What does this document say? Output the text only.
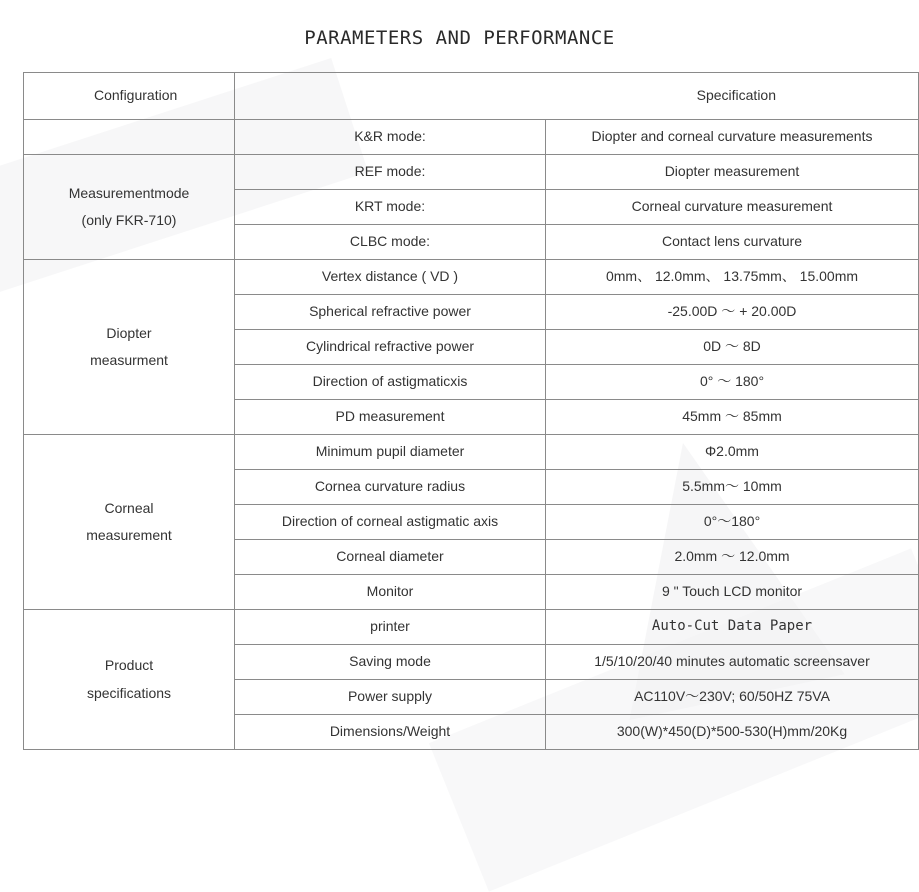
PARAMETERS AND PERFORMANCE
Configuration	Specification	
	K&R mode:	Diopter and corneal curvature measurements
Measurementmode
(only FKR-710)	REF mode:	Diopter measurement
	KRT mode:	Corneal curvature measurement
	CLBC mode:	Contact lens curvature
Diopter
measurment	Vertex distance ( VD )	0mm、 12.0mm、 13.75mm、 15.00mm
	Spherical refractive power	-25.00D ～ + 20.00D
	Cylindrical refractive power	0D ～ 8D
	Direction of astigmaticxis	0° ～ 180°
	PD measurement	45mm ～ 85mm
Corneal
measurement	Minimum pupil diameter	Φ2.0mm
	Cornea curvature radius	5.5mm～ 10mm
	Direction of corneal astigmatic axis	0°～180°
	Corneal diameter	2.0mm ～ 12.0mm
	Monitor	9 " Touch LCD monitor
Product
specifications	printer	Auto-Cut Data Paper
	Saving mode	1/5/10/20/40 minutes automatic screensaver
	Power supply	AC110V～230V; 60/50HZ 75VA
	Dimensions/Weight	300(W)*450(D)*500-530(H)mm/20Kg
